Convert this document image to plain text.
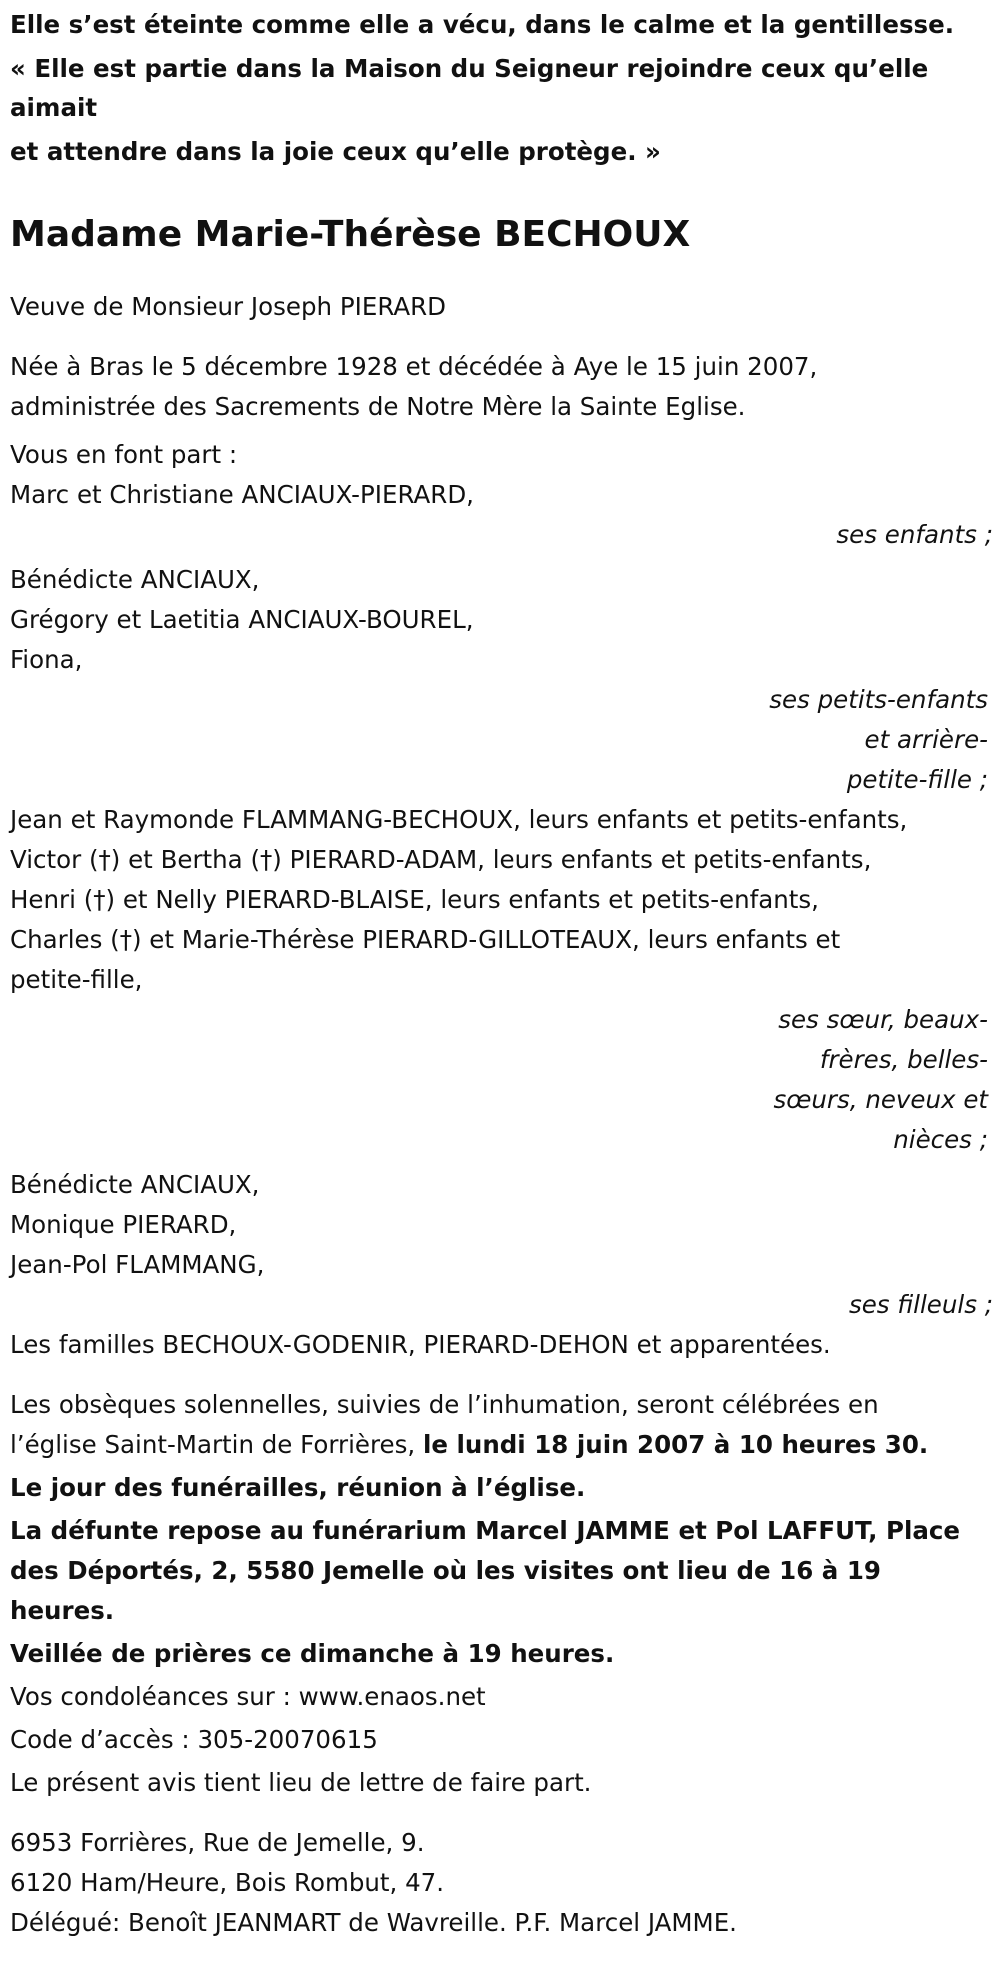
Elle s’est éteinte comme elle a vécu, dans le calme et la gentillesse.

« Elle est partie dans la Maison du Seigneur rejoindre ceux qu’elle aimait

et attendre dans la joie ceux qu’elle protège. »

Madame Marie-Thérèse BECHOUX

Veuve de Monsieur Joseph PIERARD

Née à Bras le 5 décembre 1928 et décédée à Aye le 15 juin 2007,

administrée des Sacrements de Notre Mère la Sainte Eglise.

Vous en font part :

Marc et Christiane ANCIAUX-PIERARD,

ses enfants ;

Bénédicte ANCIAUX,

Grégory et Laetitia ANCIAUX-BOUREL,

Fiona,

ses petits-enfants

et arrière-

petite-fille ;

Jean et Raymonde FLAMMANG-BECHOUX, leurs enfants et petits-enfants,

Victor (†) et Bertha (†) PIERARD-ADAM, leurs enfants et petits-enfants,

Henri (†) et Nelly PIERARD-BLAISE, leurs enfants et petits-enfants,

Charles (†) et Marie-Thérèse PIERARD-GILLOTEAUX, leurs enfants et

petite-fille,

ses sœur, beaux-

frères, belles-

sœurs, neveux et

nièces ;

Bénédicte ANCIAUX,

Monique PIERARD,

Jean-Pol FLAMMANG,

ses filleuls ;

Les familles BECHOUX-GODENIR, PIERARD-DEHON et apparentées.

Les obsèques solennelles, suivies de l’inhumation, seront célébrées en

l’église Saint-Martin de Forrières, le lundi 18 juin 2007 à 10 heures 30.

Le jour des funérailles, réunion à l’église.

La défunte repose au funérarium Marcel JAMME et Pol LAFFUT, Place

des Déportés, 2, 5580 Jemelle où les visites ont lieu de 16 à 19 heures.

Veillée de prières ce dimanche à 19 heures.

Vos condoléances sur : www.enaos.net

Code d’accès : 305-20070615

Le présent avis tient lieu de lettre de faire part.

6953 Forrières, Rue de Jemelle, 9.

6120 Ham/Heure, Bois Rombut, 47.

Délégué: Benoît JEANMART de Wavreille. P.F. Marcel JAMME.
